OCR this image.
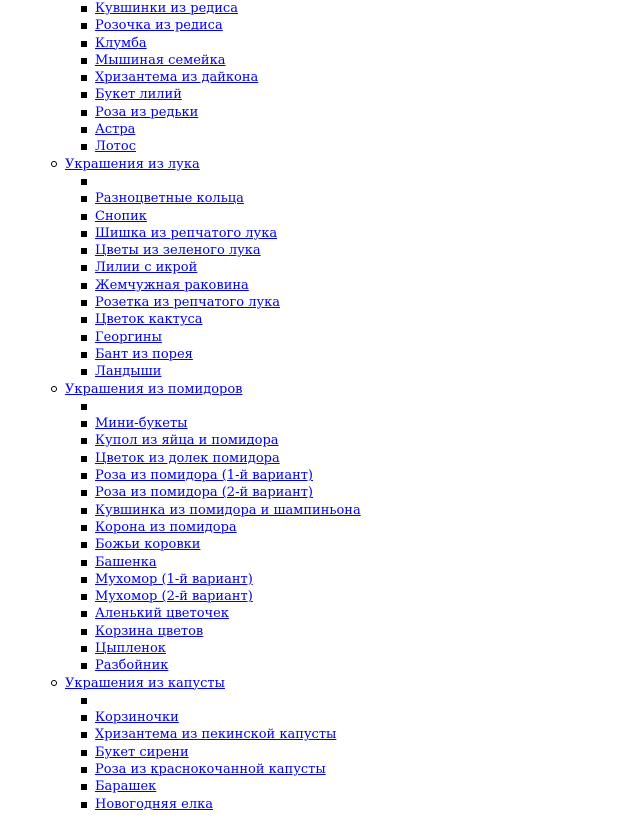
Кувшинки из редиса
Розочка из редиса
Клумба
Мышиная семейка
Хризантема из дайкона
Букет лилий
Роза из редьки
Астра
Лотос
Украшения из лука
Разноцветные кольца
Снопик
Шишка из репчатого лука
Цветы из зеленого лука
Лилии с икрой
Жемчужная раковина
Розетка из репчатого лука
Цветок кактуса
Георгины
Бант из порея
Ландыши
Украшения из помидоров
Мини-букеты
Купол из яйца и помидора
Цветок из долек помидора
Роза из помидора (1-й вариант)
Роза из помидора (2-й вариант)
Кувшинка из помидора и шампиньона
Корона из помидора
Божьи коровки
Башенка
Мухомор (1-й вариант)
Мухомор (2-й вариант)
Аленький цветочек
Корзина цветов
Цыпленок
Разбойник
Украшения из капусты
Корзиночки
Хризантема из пекинской капусты
Букет сирени
Роза из краснокочанной капусты
Барашек
Новогодняя елка
